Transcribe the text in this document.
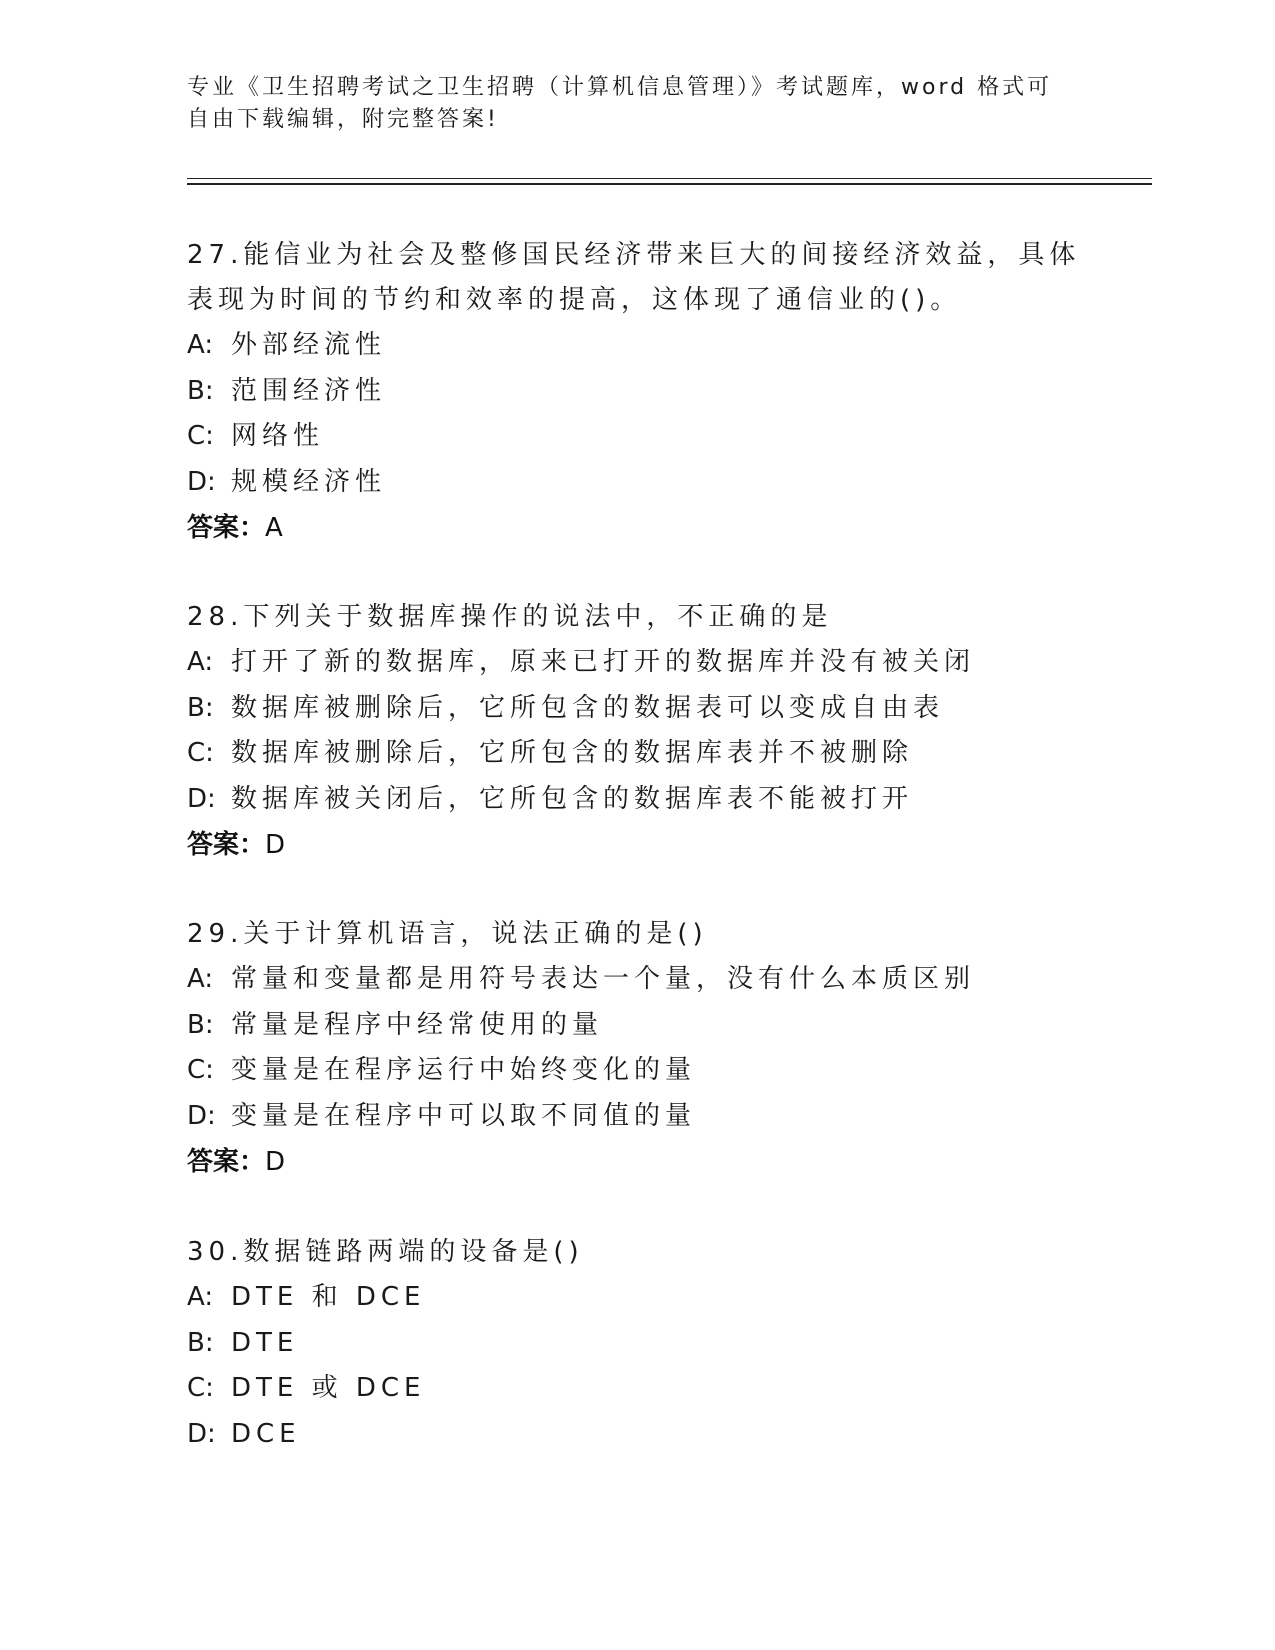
专业《卫生招聘考试之卫生招聘（计算机信息管理）》考试题库，word 格式可自由下载编辑，附完整答案!
27.能信业为社会及整修国民经济带来巨大的间接经济效益，具体表现为时间的节约和效率的提高，这体现了通信业的()。
A: 外部经流性
B: 范围经济性
C: 网络性
D: 规模经济性
答案：A
28.下列关于数据库操作的说法中，不正确的是
A: 打开了新的数据库，原来已打开的数据库并没有被关闭
B: 数据库被删除后，它所包含的数据表可以变成自由表
C: 数据库被删除后，它所包含的数据库表并不被删除
D: 数据库被关闭后，它所包含的数据库表不能被打开
答案：D
29.关于计算机语言，说法正确的是()
A: 常量和变量都是用符号表达一个量，没有什么本质区别
B: 常量是程序中经常使用的量
C: 变量是在程序运行中始终变化的量
D: 变量是在程序中可以取不同值的量
答案：D
30.数据链路两端的设备是()
A: DTE 和 DCE
B: DTE
C: DTE 或 DCE
D: DCE
